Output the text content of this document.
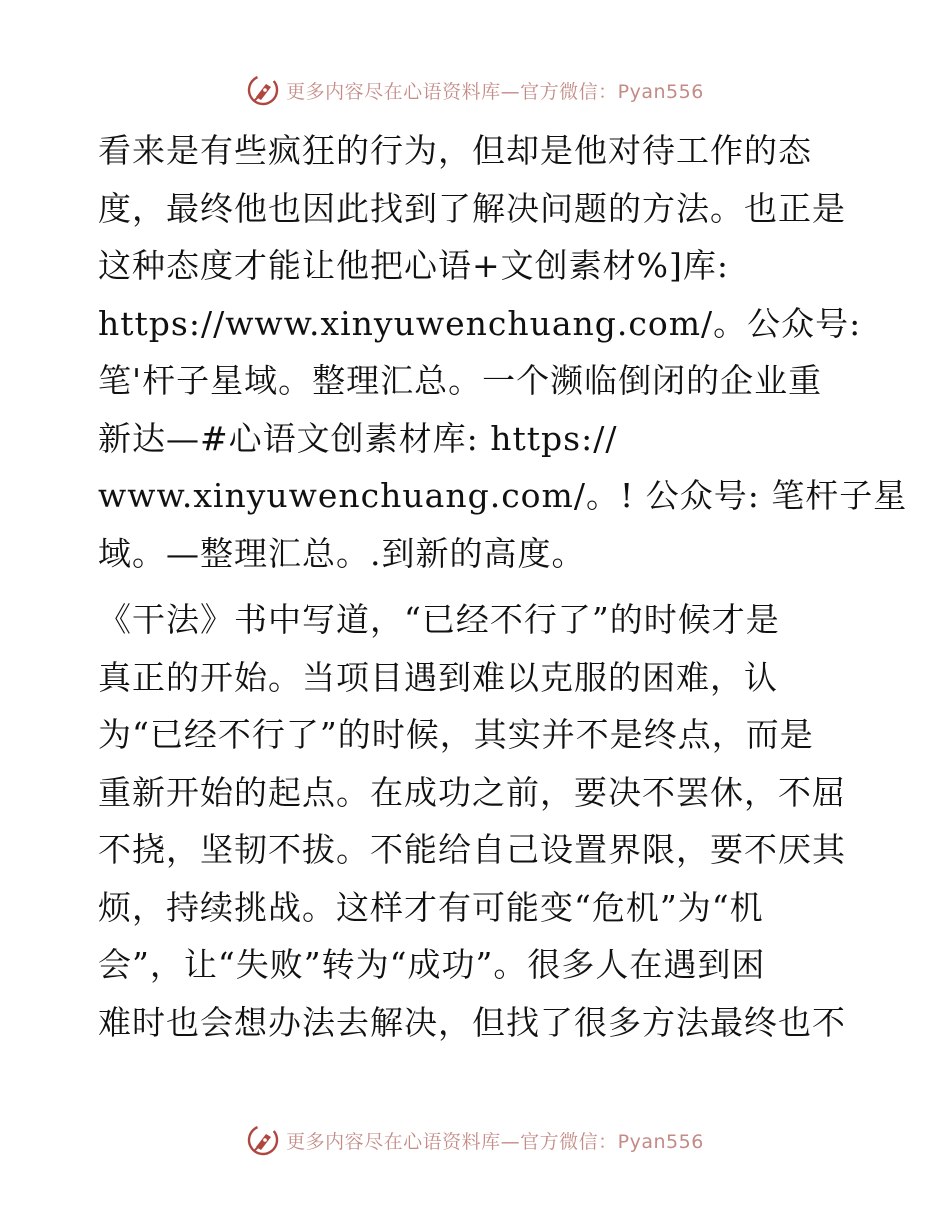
更多内容尽在心语资料库—官方微信：Pyan556
看来是有些疯狂的行为，但却是他对待工作的态
度，最终他也因此找到了解决问题的方法。也正是
这种态度才能让他把心语+文创素材%]库:
https://www.xinyuwenchuang.com/。公众号:
笔'杆子星域。整理汇总。一个濒临倒闭的企业重
新达—#心语文创素材库: https://
www.xinyuwenchuang.com/。! 公众号: 笔杆子星
域。—整理汇总。.到新的高度。
《干法》书中写道，“已经不行了”的时候才是
真正的开始。当项目遇到难以克服的困难，认
为“已经不行了”的时候，其实并不是终点，而是
重新开始的起点。在成功之前，要决不罢休，不屈
不挠，坚韧不拔。不能给自己设置界限，要不厌其
烦，持续挑战。这样才有可能变“危机”为“机
会”，让“失败”转为“成功”。很多人在遇到困
难时也会想办法去解决，但找了很多方法最终也不
更多内容尽在心语资料库—官方微信：Pyan556
